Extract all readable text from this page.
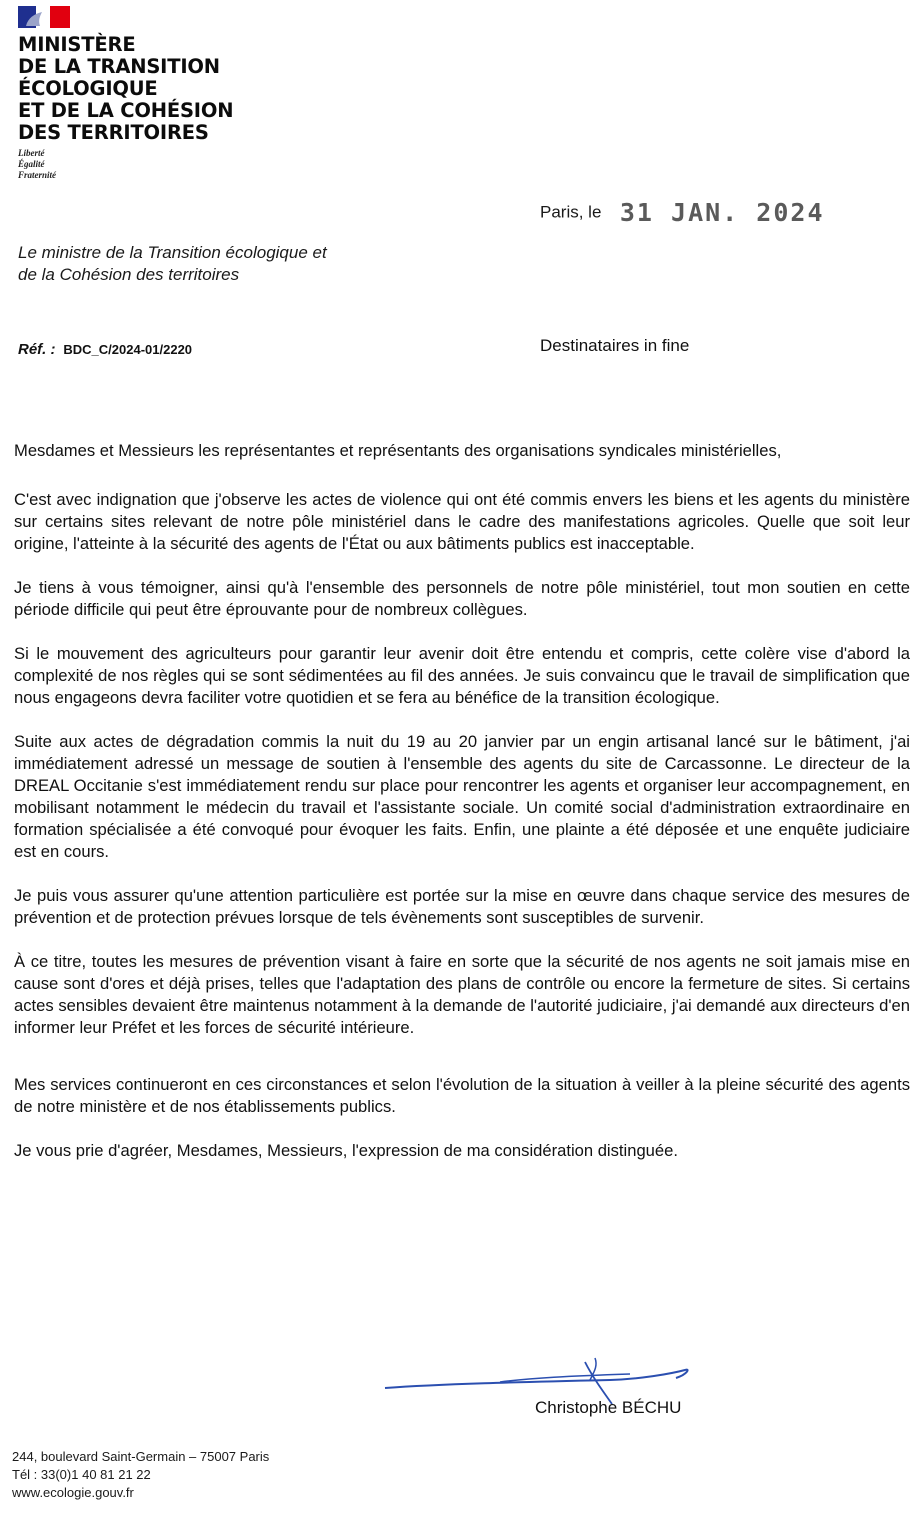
MINISTÈRE
DE LA TRANSITION
ÉCOLOGIQUE
ET DE LA COHÉSION
DES TERRITOIRES
Liberté
Égalité
Fraternité
Paris, le 31 JAN. 2024
Le ministre de la Transition écologique et
de la Cohésion des territoires
Réf. : BDC_C/2024-01/2220	Destinataires in fine

Mesdames et Messieurs les représentantes et représentants des organisations syndicales ministérielles,

C'est avec indignation que j'observe les actes de violence qui ont été commis envers les biens et les agents du ministère sur certains sites relevant de notre pôle ministériel dans le cadre des manifestations agricoles. Quelle que soit leur origine, l'atteinte à la sécurité des agents de l'État ou aux bâtiments publics est inacceptable.

Je tiens à vous témoigner, ainsi qu'à l'ensemble des personnels de notre pôle ministériel, tout mon soutien en cette période difficile qui peut être éprouvante pour de nombreux collègues.

Si le mouvement des agriculteurs pour garantir leur avenir doit être entendu et compris, cette colère vise d'abord la complexité de nos règles qui se sont sédimentées au fil des années. Je suis convaincu que le travail de simplification que nous engageons devra faciliter votre quotidien et se fera au bénéfice de la transition écologique.

Suite aux actes de dégradation commis la nuit du 19 au 20 janvier par un engin artisanal lancé sur le bâtiment, j'ai immédiatement adressé un message de soutien à l'ensemble des agents du site de Carcassonne. Le directeur de la DREAL Occitanie s'est immédiatement rendu sur place pour rencontrer les agents et organiser leur accompagnement, en mobilisant notamment le médecin du travail et l'assistante sociale. Un comité social d'administration extraordinaire en formation spécialisée a été convoqué pour évoquer les faits. Enfin, une plainte a été déposée et une enquête judiciaire est en cours.

Je puis vous assurer qu'une attention particulière est portée sur la mise en œuvre dans chaque service des mesures de prévention et de protection prévues lorsque de tels évènements sont susceptibles de survenir.

À ce titre, toutes les mesures de prévention visant à faire en sorte que la sécurité de nos agents ne soit jamais mise en cause sont d'ores et déjà prises, telles que l'adaptation des plans de contrôle ou encore la fermeture de sites. Si certains actes sensibles devaient être maintenus notamment à la demande de l'autorité judiciaire, j'ai demandé aux directeurs d'en informer leur Préfet et les forces de sécurité intérieure.

Mes services continueront en ces circonstances et selon l'évolution de la situation à veiller à la pleine sécurité des agents de notre ministère et de nos établissements publics.

Je vous prie d'agréer, Mesdames, Messieurs, l'expression de ma considération distinguée.

Christophe BÉCHU
244, boulevard Saint-Germain – 75007 Paris
Tél : 33(0)1 40 81 21 22
www.ecologie.gouv.fr
